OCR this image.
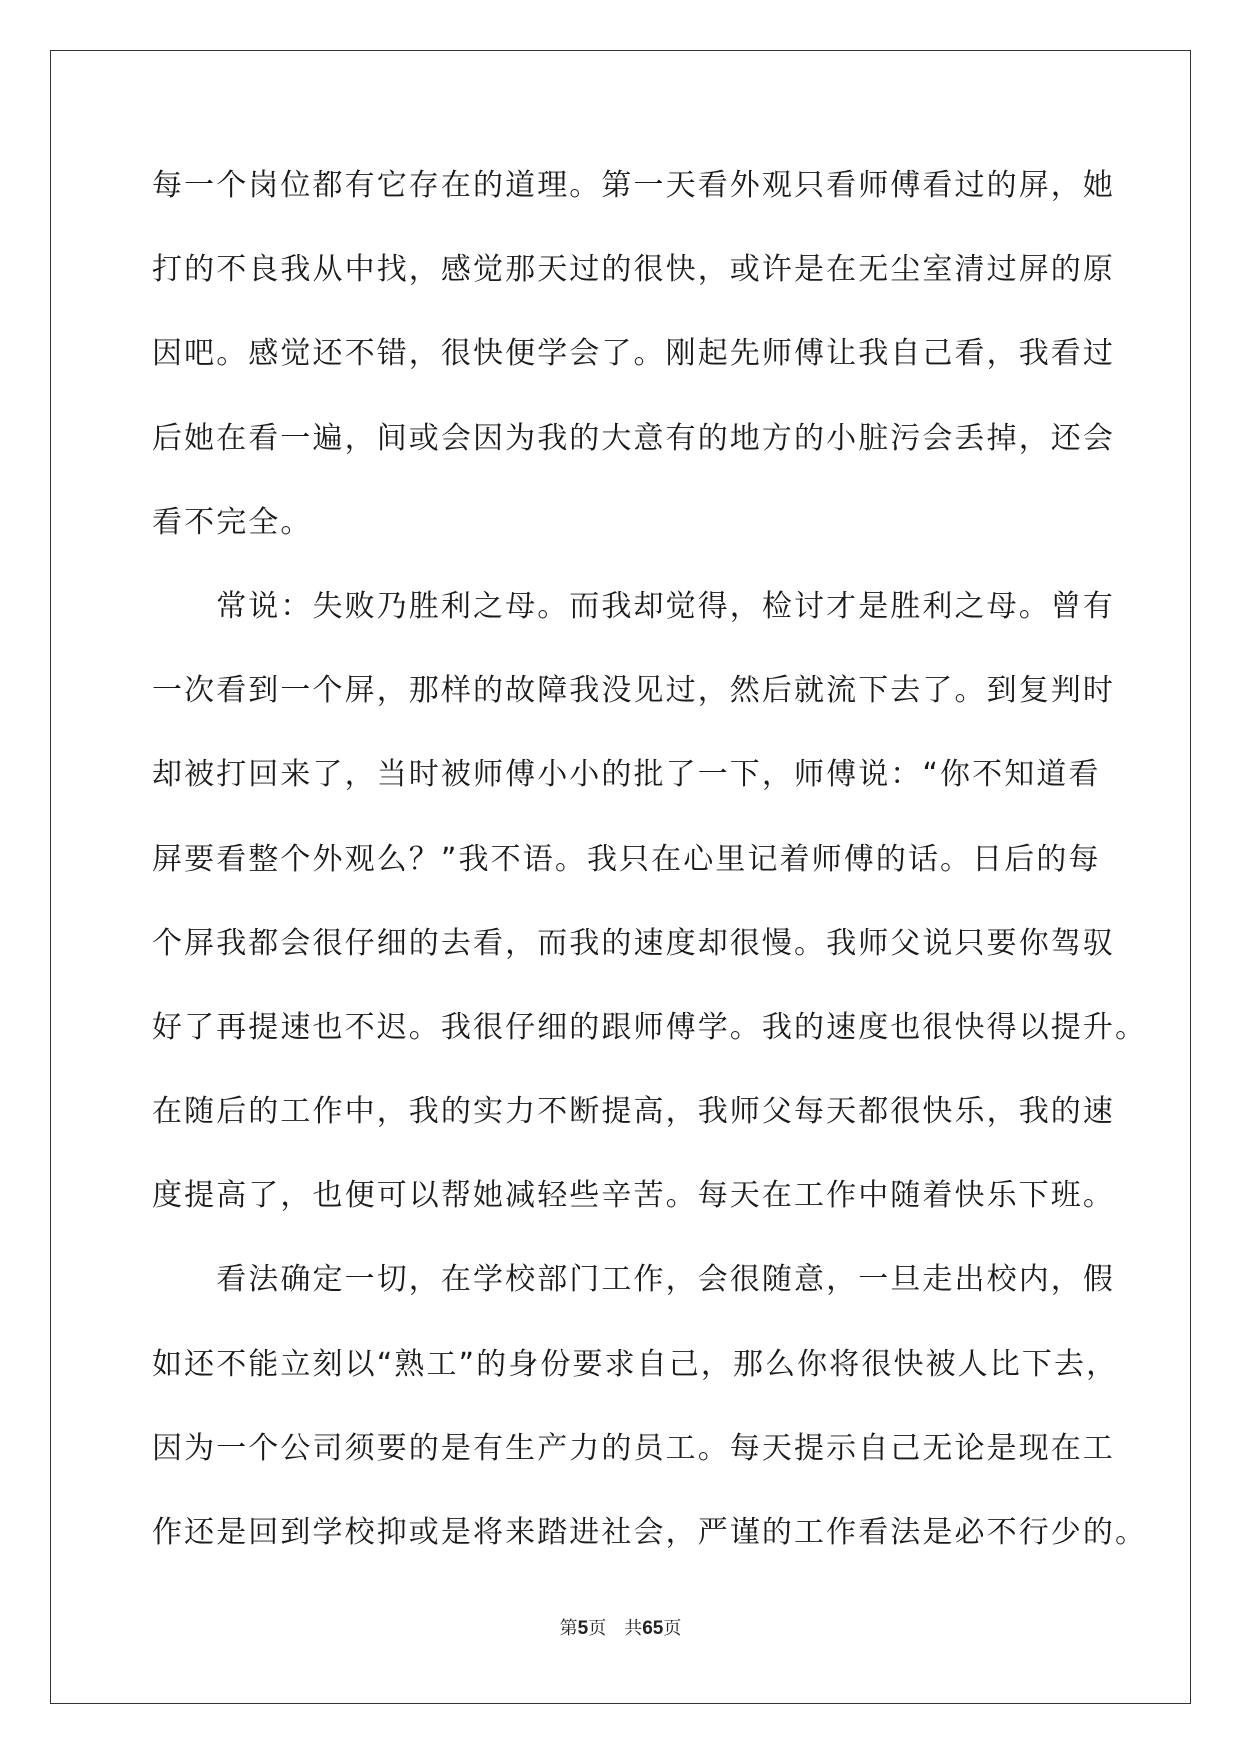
每一个岗位都有它存在的道理。第一天看外观只看师傅看过的屏，她
打的不良我从中找，感觉那天过的很快，或许是在无尘室清过屏的原
因吧。感觉还不错，很快便学会了。刚起先师傅让我自己看，我看过
后她在看一遍，间或会因为我的大意有的地方的小脏污会丢掉，还会
看不完全。
　　常说：失败乃胜利之母。而我却觉得，检讨才是胜利之母。曾有
一次看到一个屏，那样的故障我没见过，然后就流下去了。到复判时
却被打回来了，当时被师傅小小的批了一下，师傅说：“你不知道看
屏要看整个外观么？”我不语。我只在心里记着师傅的话。日后的每
个屏我都会很仔细的去看，而我的速度却很慢。我师父说只要你驾驭
好了再提速也不迟。我很仔细的跟师傅学。我的速度也很快得以提升。
在随后的工作中，我的实力不断提高，我师父每天都很快乐，我的速
度提高了，也便可以帮她减轻些辛苦。每天在工作中随着快乐下班。
　　看法确定一切，在学校部门工作，会很随意，一旦走出校内，假
如还不能立刻以“熟工”的身份要求自己，那么你将很快被人比下去，
因为一个公司须要的是有生产力的员工。每天提示自己无论是现在工
作还是回到学校抑或是将来踏进社会，严谨的工作看法是必不行少的。
第5页 共65页
